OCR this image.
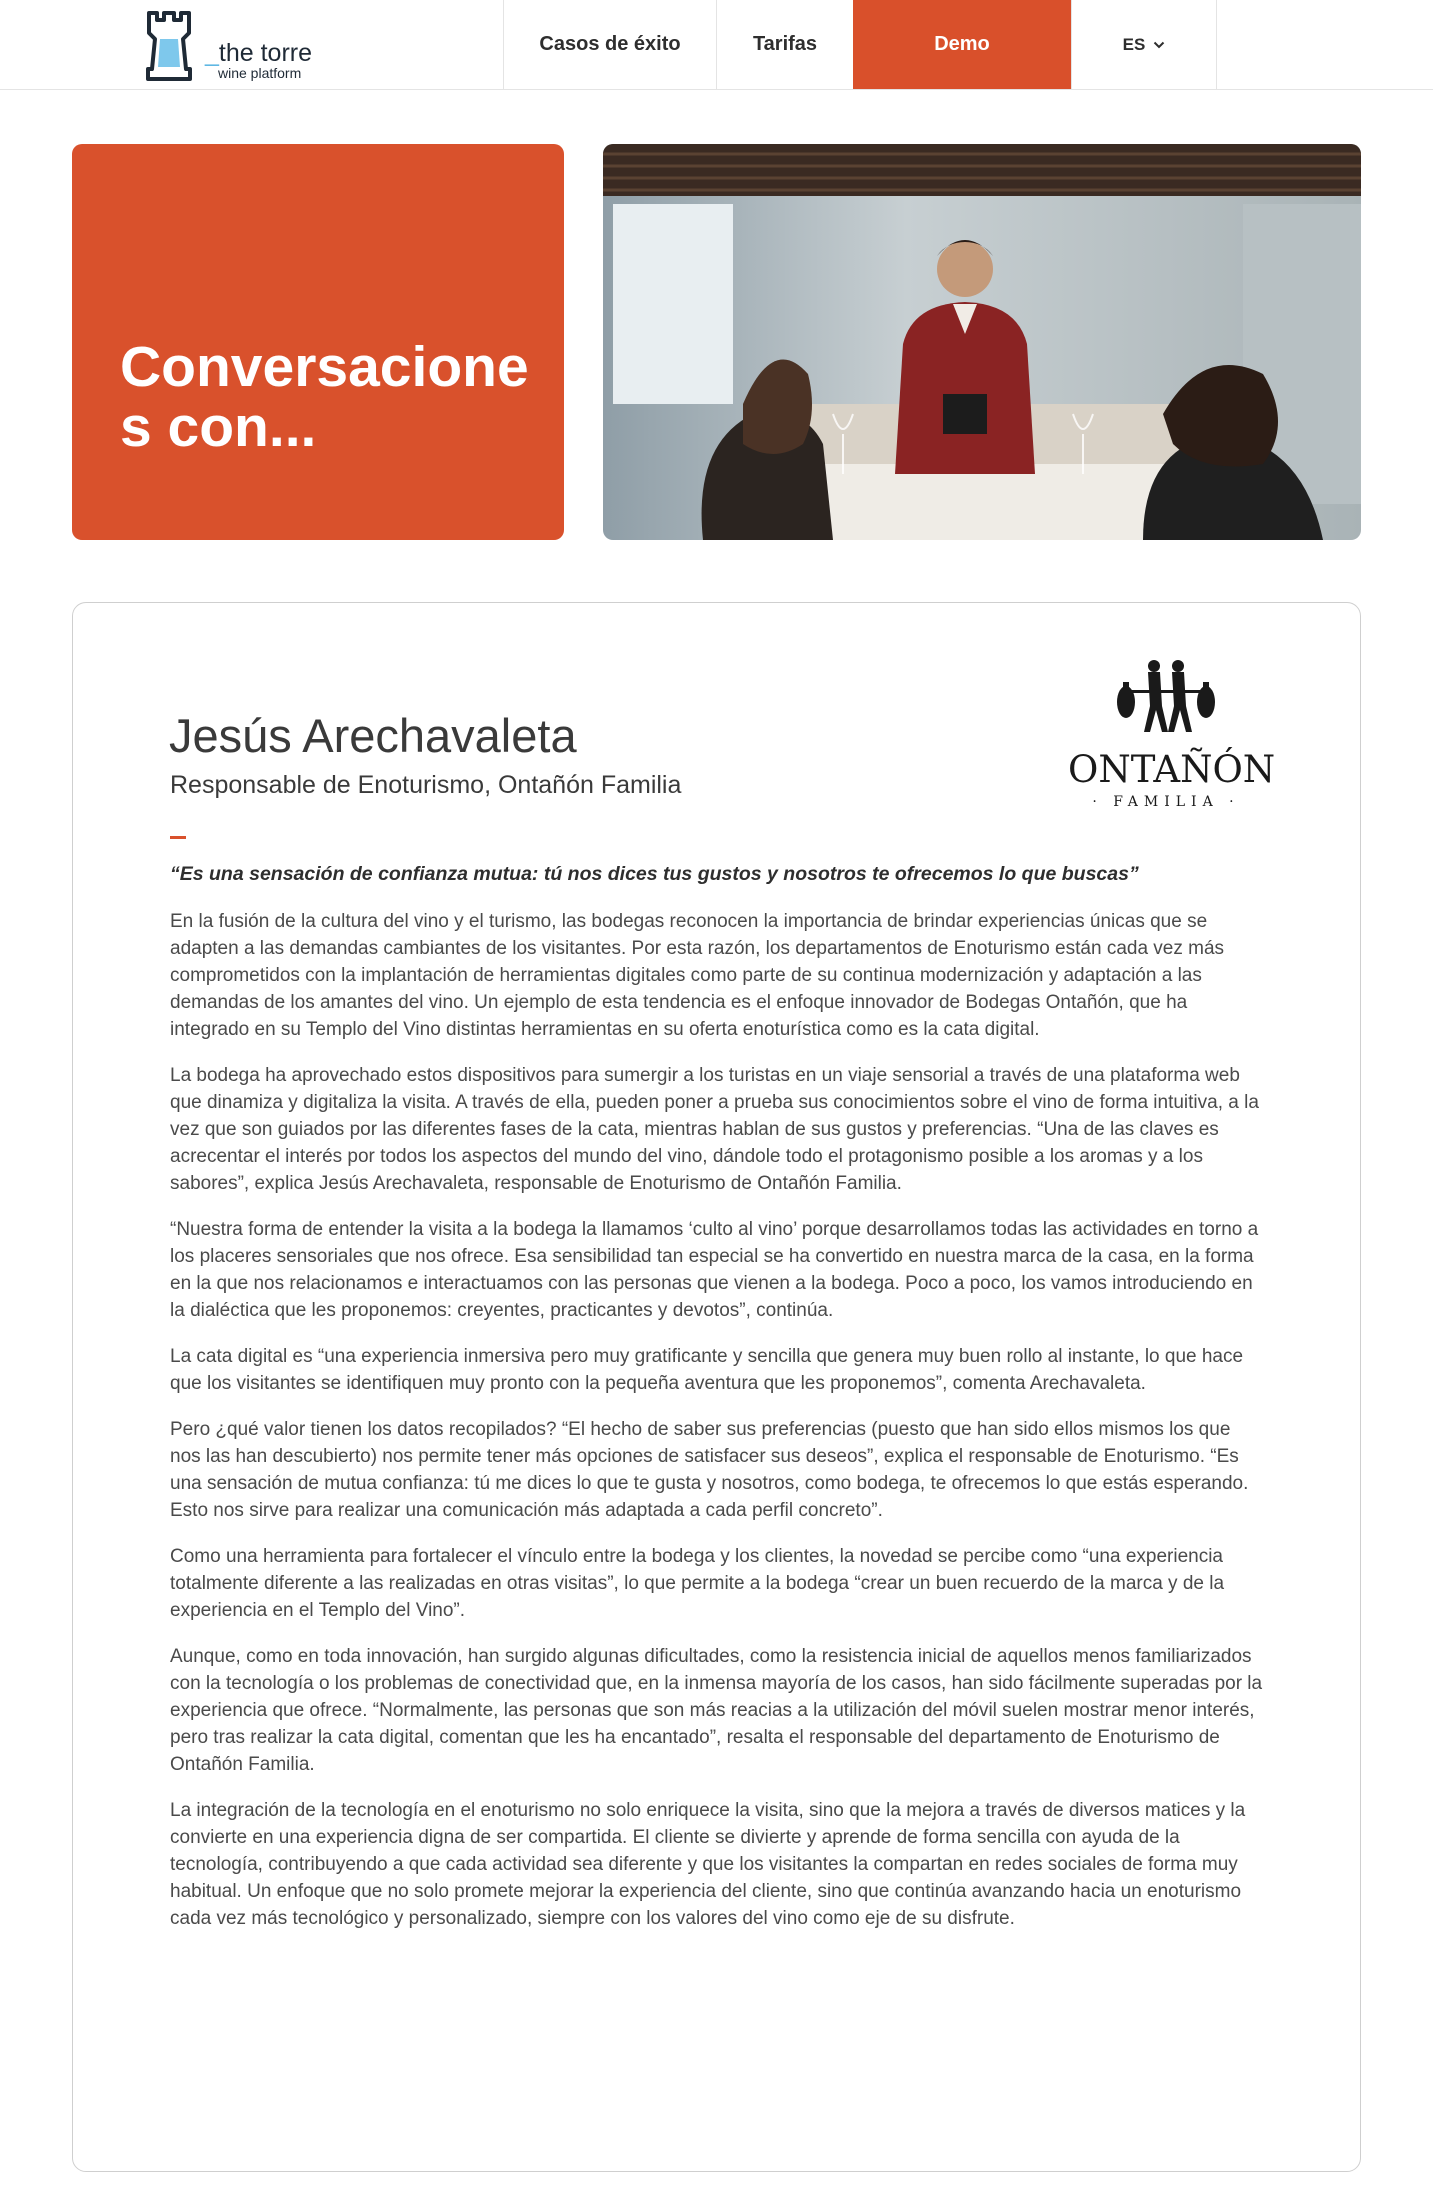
_the torre
wine platform
Casos de éxito	Tarifas	Demo	ES
Conversaciones con...
Jesús Arechavaleta

Responsable de Enoturismo, Ontañón Familia	ONTAÑÓN
· FAMILIA ·

“Es una sensación de confianza mutua: tú nos dices tus gustos y nosotros te ofrecemos lo que buscas”

En la fusión de la cultura del vino y el turismo, las bodegas reconocen la importancia de brindar experiencias únicas que se adapten a las demandas cambiantes de los visitantes. Por esta razón, los departamentos de Enoturismo están cada vez más comprometidos con la implantación de herramientas digitales como parte de su continua modernización y adaptación a las demandas de los amantes del vino. Un ejemplo de esta tendencia es el enfoque innovador de Bodegas Ontañón, que ha integrado en su Templo del Vino distintas herramientas en su oferta enoturística como es la cata digital.

La bodega ha aprovechado estos dispositivos para sumergir a los turistas en un viaje sensorial a través de una plataforma web que dinamiza y digitaliza la visita. A través de ella, pueden poner a prueba sus conocimientos sobre el vino de forma intuitiva, a la vez que son guiados por las diferentes fases de la cata, mientras hablan de sus gustos y preferencias. “Una de las claves es acrecentar el interés por todos los aspectos del mundo del vino, dándole todo el protagonismo posible a los aromas y a los sabores”, explica Jesús Arechavaleta, responsable de Enoturismo de Ontañón Familia.

“Nuestra forma de entender la visita a la bodega la llamamos ‘culto al vino’ porque desarrollamos todas las actividades en torno a los placeres sensoriales que nos ofrece. Esa sensibilidad tan especial se ha convertido en nuestra marca de la casa, en la forma en la que nos relacionamos e interactuamos con las personas que vienen a la bodega. Poco a poco, los vamos introduciendo en la dialéctica que les proponemos: creyentes, practicantes y devotos”, continúa.

La cata digital es “una experiencia inmersiva pero muy gratificante y sencilla que genera muy buen rollo al instante, lo que hace que los visitantes se identifiquen muy pronto con la pequeña aventura que les proponemos”, comenta Arechavaleta.

Pero ¿qué valor tienen los datos recopilados? “El hecho de saber sus preferencias (puesto que han sido ellos mismos los que nos las han descubierto) nos permite tener más opciones de satisfacer sus deseos”, explica el responsable de Enoturismo. “Es una sensación de mutua confianza: tú me dices lo que te gusta y nosotros, como bodega, te ofrecemos lo que estás esperando. Esto nos sirve para realizar una comunicación más adaptada a cada perfil concreto”.

Como una herramienta para fortalecer el vínculo entre la bodega y los clientes, la novedad se percibe como “una experiencia totalmente diferente a las realizadas en otras visitas”, lo que permite a la bodega “crear un buen recuerdo de la marca y de la experiencia en el Templo del Vino”.

Aunque, como en toda innovación, han surgido algunas dificultades, como la resistencia inicial de aquellos menos familiarizados con la tecnología o los problemas de conectividad que, en la inmensa mayoría de los casos, han sido fácilmente superadas por la experiencia que ofrece. “Normalmente, las personas que son más reacias a la utilización del móvil suelen mostrar menor interés, pero tras realizar la cata digital, comentan que les ha encantado”, resalta el responsable del departamento de Enoturismo de Ontañón Familia.

La integración de la tecnología en el enoturismo no solo enriquece la visita, sino que la mejora a través de diversos matices y la convierte en una experiencia digna de ser compartida. El cliente se divierte y aprende de forma sencilla con ayuda de la tecnología, contribuyendo a que cada actividad sea diferente y que los visitantes la compartan en redes sociales de forma muy habitual. Un enfoque que no solo promete mejorar la experiencia del cliente, sino que continúa avanzando hacia un enoturismo cada vez más tecnológico y personalizado, siempre con los valores del vino como eje de su disfrute.
